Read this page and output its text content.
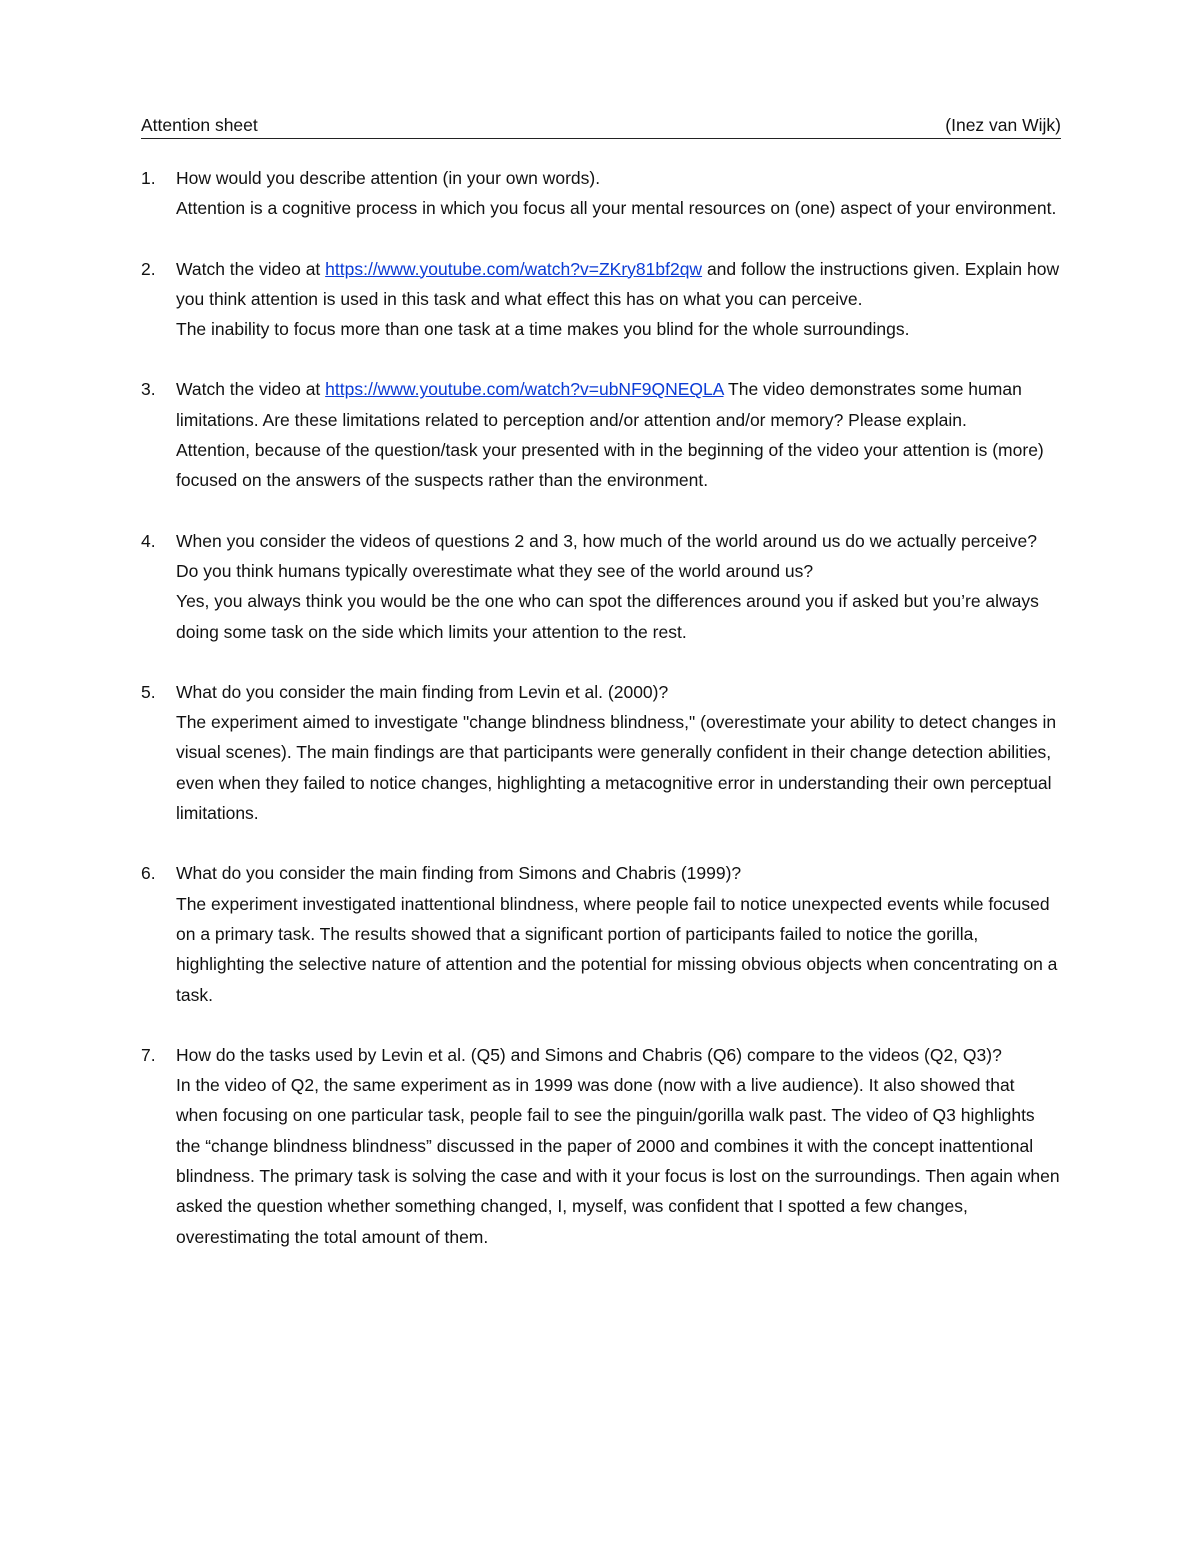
Attention sheet	(Inez van Wijk)
1. How would you describe attention (in your own words).
Attention is a cognitive process in which you focus all your mental resources on (one) aspect of your environment.
2. Watch the video at https://www.youtube.com/watch?v=ZKry81bf2qw and follow the instructions given. Explain how you think attention is used in this task and what effect this has on what you can perceive.
The inability to focus more than one task at a time makes you blind for the whole surroundings.
3. Watch the video at https://www.youtube.com/watch?v=ubNF9QNEQLA The video demonstrates some human limitations. Are these limitations related to perception and/or attention and/or memory? Please explain.
Attention, because of the question/task your presented with in the beginning of the video your attention is (more) focused on the answers of the suspects rather than the environment.
4. When you consider the videos of questions 2 and 3, how much of the world around us do we actually perceive? Do you think humans typically overestimate what they see of the world around us?
Yes, you always think you would be the one who can spot the differences around you if asked but you’re always doing some task on the side which limits your attention to the rest.
5. What do you consider the main finding from Levin et al. (2000)?
The experiment aimed to investigate "change blindness blindness," (overestimate your ability to detect changes in visual scenes). The main findings are that participants were generally confident in their change detection abilities, even when they failed to notice changes, highlighting a metacognitive error in understanding their own perceptual limitations.
6. What do you consider the main finding from Simons and Chabris (1999)?
The experiment investigated inattentional blindness, where people fail to notice unexpected events while focused on a primary task. The results showed that a significant portion of participants failed to notice the gorilla, highlighting the selective nature of attention and the potential for missing obvious objects when concentrating on a task.
7. How do the tasks used by Levin et al. (Q5) and Simons and Chabris (Q6) compare to the videos (Q2, Q3)?
In the video of Q2, the same experiment as in 1999 was done (now with a live audience). It also showed that when focusing on one particular task, people fail to see the pinguin/gorilla walk past. The video of Q3 highlights the “change blindness blindness” discussed in the paper of 2000 and combines it with the concept inattentional blindness. The primary task is solving the case and with it your focus is lost on the surroundings. Then again when asked the question whether something changed, I, myself, was confident that I spotted a few changes, overestimating the total amount of them.
